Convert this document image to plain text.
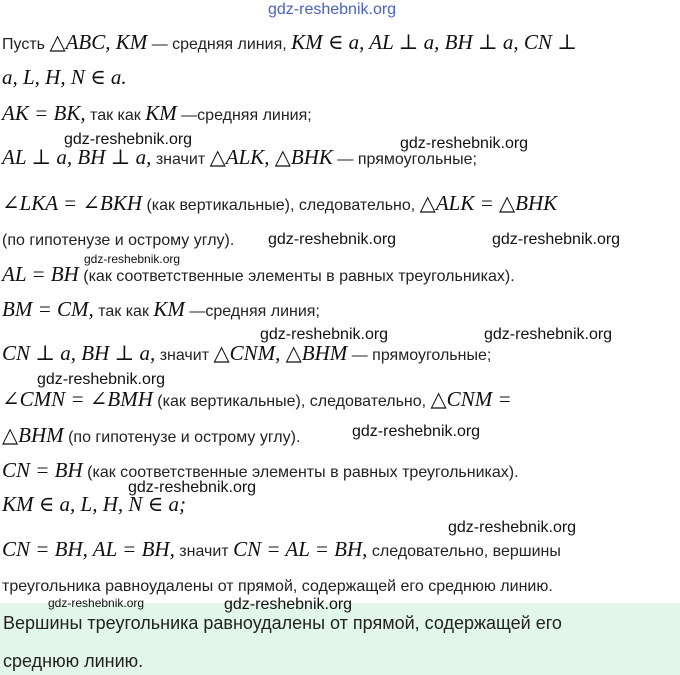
gdz-reshebnik.org
gdz-reshebnik.org	gdz-reshebnik.org
gdz-reshebnik.org	gdz-reshebnik.org
gdz-reshebnik.org
gdz-reshebnik.org	gdz-reshebnik.org
gdz-reshebnik.org
gdz-reshebnik.org
gdz-reshebnik.org
gdz-reshebnik.org
gdz-reshebnik.org	gdz-reshebnik.org
Пусть △ABC, KM — средняя линия, KM ∈ a, AL ⊥ a, BH ⊥ a, CN ⊥
a, L, H, N ∈ a.
AK = BK, так как KM —средняя линия;
AL ⊥ a, BH ⊥ a, значит △ALK, △BHK — прямоугольные;
∠LKA = ∠BKH (как вертикальные), следовательно, △ALK = △BHK
(по гипотенузе и острому углу).
AL = BH (как соответственные элементы в равных треугольниках).
BM = CM, так как KM —средняя линия;
CN ⊥ a, BH ⊥ a, значит △CNM, △BHM — прямоугольные;
∠CMN = ∠BMH (как вертикальные), следовательно, △CNM =
△BHM (по гипотенузе и острому углу).
CN = BH (как соответственные элементы в равных треугольниках).
KM ∈ a, L, H, N ∈ a;
CN = BH, AL = BH, значит CN = AL = BH, следовательно, вершины
треугольника равноудалены от прямой, содержащей его среднюю линию.
Вершины треугольника равноудалены от прямой, содержащей его
среднюю линию.
